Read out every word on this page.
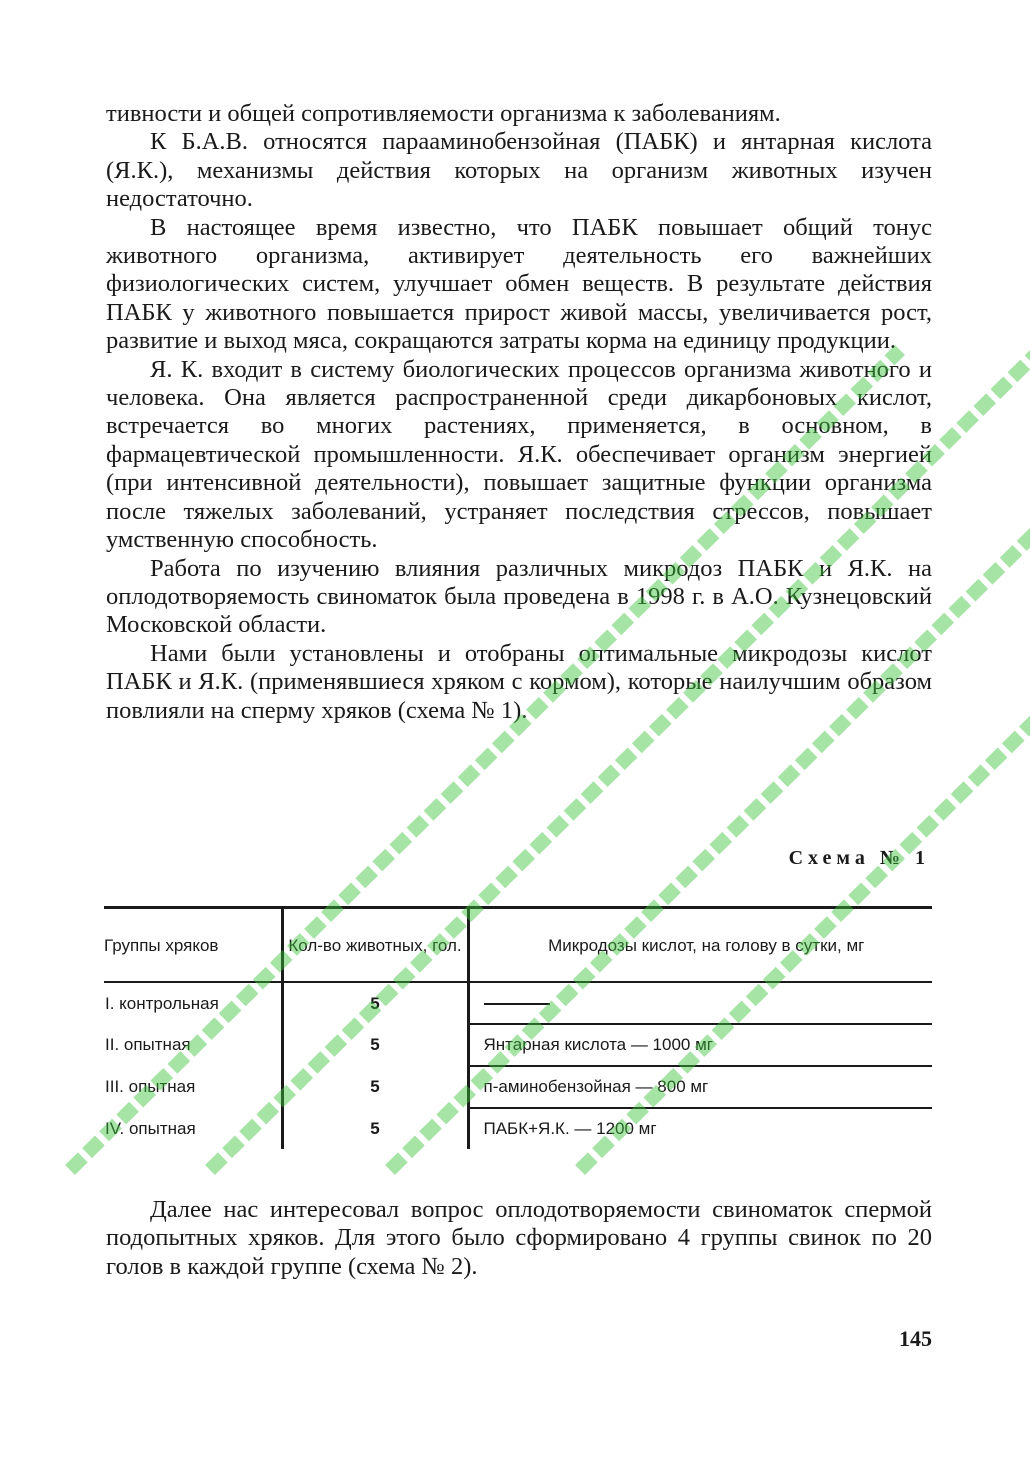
тивности и общей сопротивляемости организма к заболеваниям.

К Б.А.В. относятся парааминобензойная (ПАБК) и янтарная кислота (Я.К.), механизмы действия которых на организм животных изучен недостаточно.

В настоящее время известно, что ПАБК повышает общий тонус животного организма, активирует деятельность его важнейших физиологических систем, улучшает обмен веществ. В результате действия ПАБК у животного повышается прирост живой массы, увеличивается рост, развитие и выход мяса, сокращаются затраты корма на единицу продукции.

Я. К. входит в систему биологических процессов организма животного и человека. Она является распространенной среди дикарбоновых кислот, встречается во многих растениях, применяется, в основном, в фармацевтической промышленности. Я.К. обеспечивает организм энергией (при интенсивной деятельности), повышает защитные функции организма после тяжелых заболеваний, устраняет последствия стрессов, повышает умственную способность.

Работа по изучению влияния различных микродоз ПАБК и Я.К. на оплодотворяемость свиноматок была проведена в 1998 г. в А.О. Кузнецовский Московской области.

Нами были установлены и отобраны оптимальные микродозы кислот ПАБК и Я.К. (применявшиеся хряком с кормом), которые наилучшим образом повлияли на сперму хряков (схема № 1).

Схема № 1
Группы хряков	Кол-во животных, гол.	Микродозы кислот, на голову в сутки, мг
I. контрольная	5	
II. опытная	5	Янтарная кислота — 1000 мг
III. опытная	5	п-аминобензойная — 800 мг
IV. опытная	5	ПАБК+Я.К. — 1200 мг

Далее нас интересовал вопрос оплодотворяемости свиноматок спермой подопытных хряков. Для этого было сформировано 4 группы свинок по 20 голов в каждой группе (схема № 2).

145
